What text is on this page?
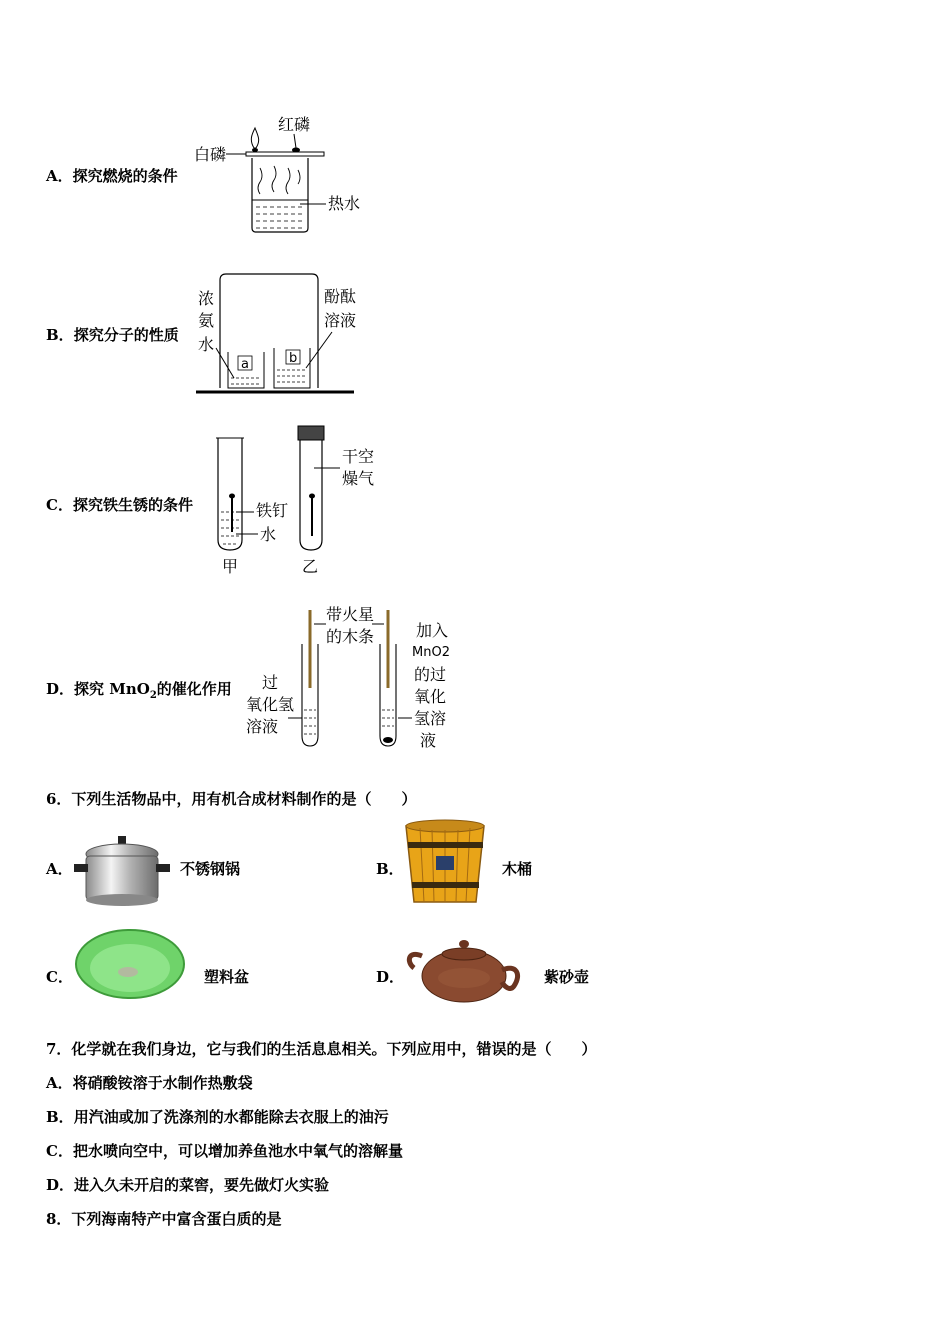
A．探究燃烧的条件
红磷
白磷
热水
B．探究分子的性质
浓
氨
水
酚酞
溶液
a	b
C．探究铁生锈的条件
甲	乙
干空
燥气
铁钉
水
D．探究 MnO$_2$的催化作用
带火星
的木条
过
氧化氢
溶液
加入
MnO2
的过
氧化
氢溶
液
6．下列生活物品中，用有机合成材料制作的是（　　）
A．	不锈钢锅	B．	木桶
C．	塑料盆	D．	紫砂壶
7．化学就在我们身边，它与我们的生活息息相关。下列应用中，错误的是（　　）
A．将硝酸铵溶于水制作热敷袋
B．用汽油或加了洗涤剂的水都能除去衣服上的油污
C．把水喷向空中，可以增加养鱼池水中氧气的溶解量
D．进入久未开启的菜窖，要先做灯火实验
8．下列海南特产中富含蛋白质的是
